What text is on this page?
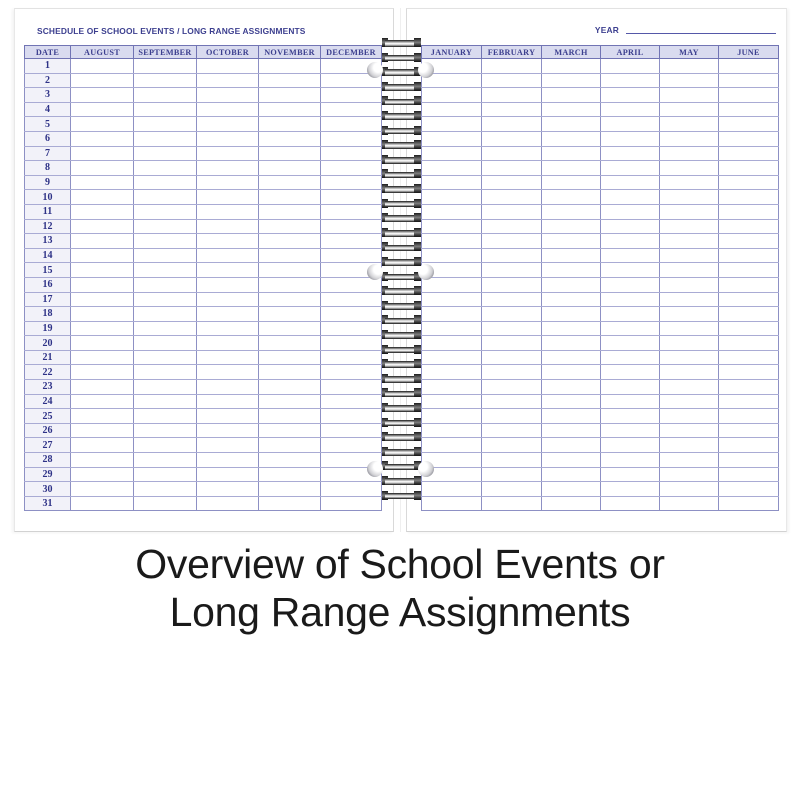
SCHEDULE OF SCHOOL EVENTS / LONG RANGE ASSIGNMENTS
DATE	AUGUST	SEPTEMBER	OCTOBER	NOVEMBER	DECEMBER
1					
2					
3					
4					
5					
6					
7					
8					
9					
10					
11					
12					
13					
14					
15					
16					
17					
18					
19					
20					
21					
22					
23					
24					
25					
26					
27					
28					
29					
30					
31					
YEAR
JANUARY	FEBRUARY	MARCH	APRIL	MAY	JUNE

Overview of School Events or
Long Range Assignments
